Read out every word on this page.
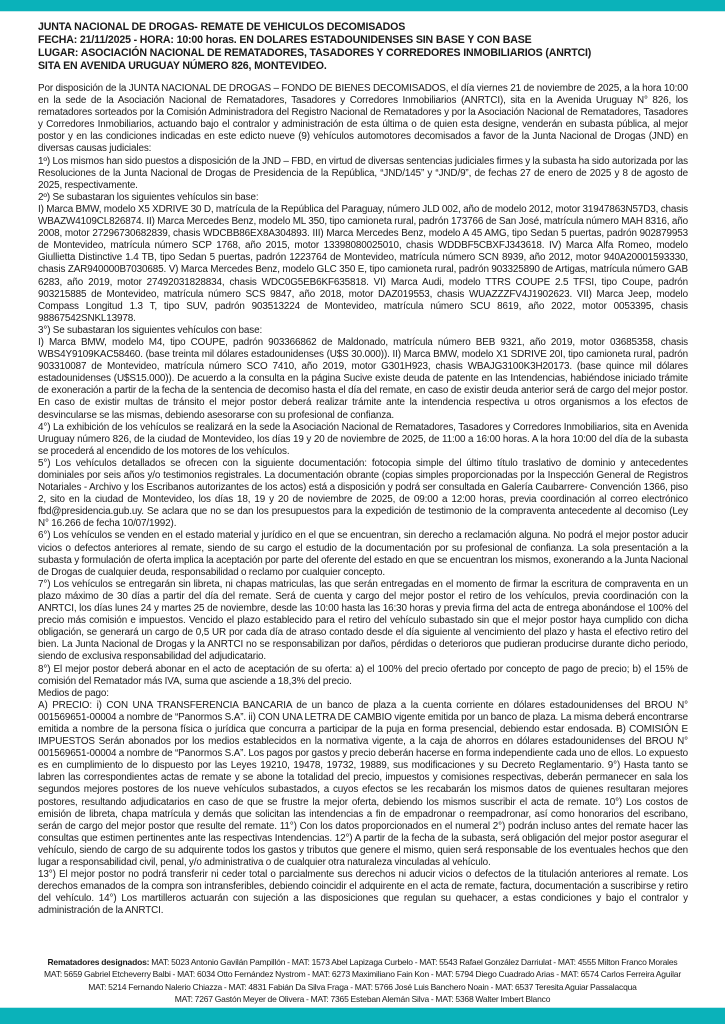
JUNTA NACIONAL DE DROGAS- REMATE DE VEHICULOS DECOMISADOS
FECHA: 21/11/2025 - HORA: 10:00 horas. EN DOLARES ESTADOUNIDENSES SIN BASE Y CON BASE
LUGAR: ASOCIACIÓN NACIONAL DE REMATADORES, TASADORES Y CORREDORES INMOBILIARIOS (ANRTCI)
SITA EN AVENIDA URUGUAY NÚMERO 826, MONTEVIDEO.

Por disposición de la JUNTA NACIONAL DE DROGAS – FONDO DE BIENES DECOMISADOS, el día viernes 21 de noviembre de 2025, a la hora 10:00 en la sede de la Asociación Nacional de Rematadores, Tasadores y Corredores Inmobiliarios (ANRTCI), sita en la Avenida Uruguay N° 826, los rematadores sorteados por la Comisión Administradora del Registro Nacional de Rematadores y por la Asociación Nacional de Rematadores, Tasadores y Corredores Inmobiliarios, actuando bajo el contralor y administración de esta última o de quien esta designe, venderán en subasta pública, al mejor postor y en las condiciones indicadas en este edicto nueve (9) vehículos automotores decomisados a favor de la Junta Nacional de Drogas (JND) en diversas causas judiciales:

1º) Los mismos han sido puestos a disposición de la JND – FBD, en virtud de diversas sentencias judiciales firmes y la subasta ha sido autorizada por las Resoluciones de la Junta Nacional de Drogas de Presidencia de la República, “JND/145” y “JND/9”, de fechas 27 de enero de 2025 y 8 de agosto de 2025, respectivamente.

2º) Se subastaran los siguientes vehículos sin base:

I) Marca BMW, modelo X5 XDRIVE 30 D, matrícula de la República del Paraguay, número JLD 002, año de modelo 2012, motor 31947863N57D3, chasis WBAZW4109CL826874. II) Marca Mercedes Benz, modelo ML 350, tipo camioneta rural, padrón 173766 de San José, matrícula número MAH 8316, año 2008, motor 27296730682839, chasis WDCBB86EX8A304893. III) Marca Mercedes Benz, modelo A 45 AMG, tipo Sedan 5 puertas, padrón 902879953 de Montevideo, matrícula número SCP 1768, año 2015, motor 13398080025010, chasis WDDBF5CBXFJ343618. IV) Marca Alfa Romeo, modelo Giullietta Distinctive 1.4 TB, tipo Sedan 5 puertas, padrón 1223764 de Montevideo, matrícula número SCN 8939, año 2012, motor 940A20001593330, chasis ZAR940000B7030685. V) Marca Mercedes Benz, modelo GLC 350 E, tipo camioneta rural, padrón 903325890 de Artigas, matrícula número GAB 6283, año 2019, motor 27492031828834, chasis WDC0G5EB6KF635818. VI) Marca Audi, modelo TTRS COUPE 2.5 TFSI, tipo Coupe, padrón 903215885 de Montevideo, matrícula número SCS 9847, año 2018, motor DAZ019553, chasis WUAZZZFV4J1902623. VII) Marca Jeep, modelo Compass Longitud 1.3 T, tipo SUV, padrón 903513224 de Montevideo, matrícula número SCU 8619, año 2022, motor 0053395, chasis 98867542SNKL13978.

3°) Se subastaran los siguientes vehículos con base:

I) Marca BMW, modelo M4, tipo COUPE, padrón 903366862 de Maldonado, matrícula número BEB 9321, año 2019, motor 03685358, chasis WBS4Y9109KAC58460. (base treinta mil dólares estadounidenses (U$S 30.000)). II) Marca BMW, modelo X1 SDRIVE 20I, tipo camioneta rural, padrón 903310087 de Montevideo, matrícula número SCO 7410, año 2019, motor G301H923, chasis WBAJG3100K3H20173. (base quince mil dólares estadounidenses (U$S15.000)). De acuerdo a la consulta en la página Sucive existe deuda de patente en las Intendencias, habiéndose iniciado trámite de exoneración a partir de la fecha de la sentencia de decomiso hasta el día del remate, en caso de existir deuda anterior será de cargo del mejor postor. En caso de existir multas de tránsito el mejor postor deberá realizar trámite ante la intendencia respectiva u otros organismos a los efectos de desvincularse se las mismas, debiendo asesorarse con su profesional de confianza.

4°) La exhibición de los vehículos se realizará en la sede la Asociación Nacional de Rematadores, Tasadores y Corredores Inmobiliarios, sita en Avenida Uruguay número 826, de la ciudad de Montevideo, los días 19 y 20 de noviembre de 2025, de 11:00 a 16:00 horas. A la hora 10:00 del día de la subasta se procederá al encendido de los motores de los vehículos.

5°) Los vehículos detallados se ofrecen con la siguiente documentación: fotocopia simple del último título traslativo de dominio y antecedentes dominiales por seis años y/o testimonios registrales. La documentación obrante (copias simples proporcionadas por la Inspección General de Registros Notariales - Archivo y los Escribanos autorizantes de los actos) está a disposición y podrá ser consultada en Galería Caubarrere- Convención 1366, piso 2, sito en la ciudad de Montevideo, los días 18, 19 y 20 de noviembre de 2025, de 09:00 a 12:00 horas, previa coordinación al correo electrónico fbd@presidencia.gub.uy. Se aclara que no se dan los presupuestos para la expedición de testimonio de la compraventa antecedente al decomiso (Ley N° 16.266 de fecha 10/07/1992).

6°) Los vehículos se venden en el estado material y jurídico en el que se encuentran, sin derecho a reclamación alguna. No podrá el mejor postor aducir vicios o defectos anteriores al remate, siendo de su cargo el estudio de la documentación por su profesional de confianza. La sola presentación a la subasta y formulación de oferta implica la aceptación por parte del oferente del estado en que se encuentran los mismos, exonerando a la Junta Nacional de Drogas de cualquier deuda, responsabilidad o reclamo por cualquier concepto.

7°) Los vehículos se entregarán sin libreta, ni chapas matriculas, las que serán entregadas en el momento de firmar la escritura de compraventa en un plazo máximo de 30 días a partir del día del remate. Será de cuenta y cargo del mejor postor el retiro de los vehículos, previa coordinación con la ANRTCI, los días lunes 24 y martes 25 de noviembre, desde las 10:00 hasta las 16:30 horas y previa firma del acta de entrega abonándose el 100% del precio más comisión e impuestos. Vencido el plazo establecido para el retiro del vehículo subastado sin que el mejor postor haya cumplido con dicha obligación, se generará un cargo de 0,5 UR por cada día de atraso contado desde el día siguiente al vencimiento del plazo y hasta el efectivo retiro del bien. La Junta Nacional de Drogas y la ANRTCI no se responsabilizan por daños, pérdidas o deterioros que pudieran producirse durante dicho periodo, siendo de exclusiva responsabilidad del adjudicatario.

8°) El mejor postor deberá abonar en el acto de aceptación de su oferta: a) el 100% del precio ofertado por concepto de pago de precio; b) el 15% de comisión del Rematador más IVA, suma que asciende a 18,3% del precio.

Medios de pago:

A) PRECIO: i) CON UNA TRANSFERENCIA BANCARIA de un banco de plaza a la cuenta corriente en dólares estadounidenses del BROU N° 001569651-00004 a nombre de “Panormos S.A”. ii) CON UNA LETRA DE CAMBIO vigente emitida por un banco de plaza. La misma deberá encontrarse emitida a nombre de la persona física o jurídica que concurra a participar de la puja en forma presencial, debiendo estar endosada. B) COMISIÓN E IMPUESTOS Serán abonados por los medios establecidos en la normativa vigente, a la caja de ahorros en dólares estadounidenses del BROU N° 001569651-00004 a nombre de “Panormos S.A”. Los pagos por gastos y precio deberán hacerse en forma independiente cada uno de ellos. Lo expuesto es en cumplimiento de lo dispuesto por las Leyes 19210, 19478, 19732, 19889, sus modificaciones y su Decreto Reglamentario. 9°) Hasta tanto se labren las correspondientes actas de remate y se abone la totalidad del precio, impuestos y comisiones respectivas, deberán permanecer en sala los segundos mejores postores de los nueve vehículos subastados, a cuyos efectos se les recabarán los mismos datos de quienes resultaran mejores postores, resultando adjudicatarios en caso de que se frustre la mejor oferta, debiendo los mismos suscribir el acta de remate. 10°) Los costos de emisión de libreta, chapa matrícula y demás que solicitan las intendencias a fin de empadronar o reempadronar, así como honorarios del escribano, serán de cargo del mejor postor que resulte del remate. 11°) Con los datos proporcionados en el numeral 2°) podrán incluso antes del remate hacer las consultas que estimen pertinentes ante las respectivas Intendencias. 12°) A partir de la fecha de la subasta, será obligación del mejor postor asegurar el vehículo, siendo de cargo de su adquirente todos los gastos y tributos que genere el mismo, quien será responsable de los eventuales hechos que den lugar a responsabilidad civil, penal, y/o administrativa o de cualquier otra naturaleza vinculadas al vehículo.

13°) El mejor postor no podrá transferir ni ceder total o parcialmente sus derechos ni aducir vicios o defectos de la titulación anteriores al remate. Los derechos emanados de la compra son intransferibles, debiendo coincidir el adquirente en el acta de remate, factura, documentación a suscribirse y retiro del vehículo. 14°) Los martilleros actuarán con sujeción a las disposiciones que regulan su quehacer, a estas condiciones y bajo el contralor y administración de la ANRTCI.

Rematadores designados: MAT: 5023 Antonio Gavilán Pampillón - MAT: 1573 Abel Lapizaga Curbelo - MAT: 5543 Rafael González Darriulat - MAT: 4555 Milton Franco Morales
MAT: 5659 Gabriel Etcheverry Balbi - MAT: 6034 Otto Fernández Nystrom - MAT: 6273 Maximiliano Fain Kon - MAT: 5794 Diego Cuadrado Arias - MAT: 6574 Carlos Ferreira Aguilar
MAT: 5214 Fernando Nalerio Chiazza - MAT: 4831 Fabián Da Silva Fraga - MAT: 5766 José Luis Banchero Noain - MAT: 6537 Teresita Aguiar Passalacqua
MAT: 7267 Gastón Meyer de Olivera - MAT: 7365 Esteban Alemán Silva - MAT: 5368 Walter Imbert Blanco
